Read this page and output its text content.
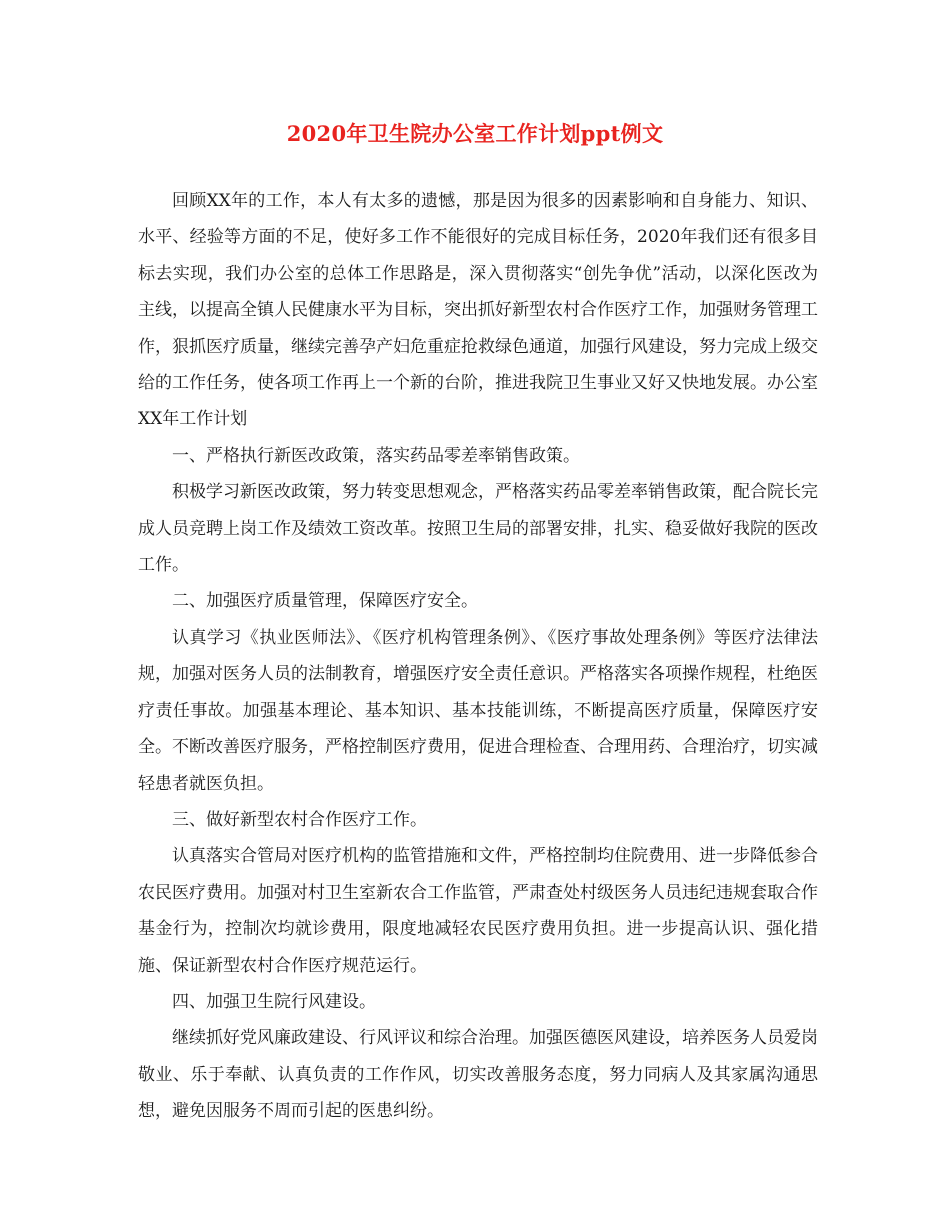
2020年卫生院办公室工作计划ppt例文

回顾XX年的工作，本人有太多的遗憾，那是因为很多的因素影响和自身能力、知识、水平、经验等方面的不足，使好多工作不能很好的完成目标任务，2020年我们还有很多目标去实现，我们办公室的总体工作思路是，深入贯彻落实“创先争优”活动，以深化医改为主线，以提高全镇人民健康水平为目标，突出抓好新型农村合作医疗工作，加强财务管理工作，狠抓医疗质量，继续完善孕产妇危重症抢救绿色通道，加强行风建设，努力完成上级交给的工作任务，使各项工作再上一个新的台阶，推进我院卫生事业又好又快地发展。办公室XX年工作计划

一、严格执行新医改政策，落实药品零差率销售政策。

积极学习新医改政策，努力转变思想观念，严格落实药品零差率销售政策，配合院长完成人员竞聘上岗工作及绩效工资改革。按照卫生局的部署安排，扎实、稳妥做好我院的医改工作。

二、加强医疗质量管理，保障医疗安全。

认真学习《执业医师法》、《医疗机构管理条例》、《医疗事故处理条例》等医疗法律法规，加强对医务人员的法制教育，增强医疗安全责任意识。严格落实各项操作规程，杜绝医疗责任事故。加强基本理论、基本知识、基本技能训练，不断提高医疗质量，保障医疗安全。不断改善医疗服务，严格控制医疗费用，促进合理检查、合理用药、合理治疗，切实减轻患者就医负担。

三、做好新型农村合作医疗工作。

认真落实合管局对医疗机构的监管措施和文件，严格控制均住院费用、进一步降低参合农民医疗费用。加强对村卫生室新农合工作监管，严肃查处村级医务人员违纪违规套取合作基金行为，控制次均就诊费用，限度地减轻农民医疗费用负担。进一步提高认识、强化措施、保证新型农村合作医疗规范运行。

四、加强卫生院行风建设。

继续抓好党风廉政建设、行风评议和综合治理。加强医德医风建设，培养医务人员爱岗敬业、乐于奉献、认真负责的工作作风，切实改善服务态度，努力同病人及其家属沟通思想，避免因服务不周而引起的医患纠纷。
